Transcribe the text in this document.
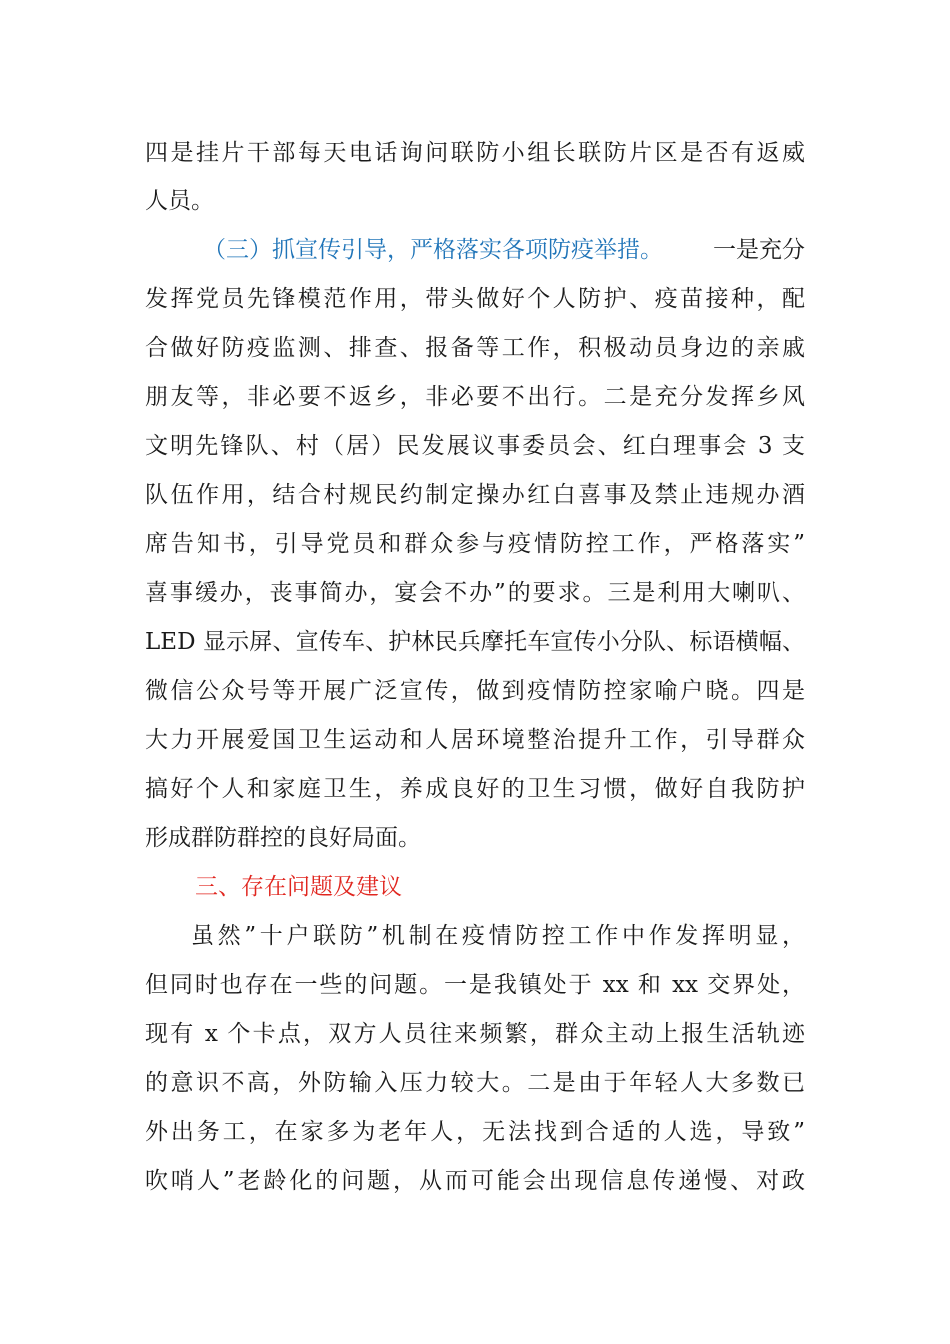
四是挂片干部每天电话询问联防小组长联防片区是否有返威
人员。
（三）抓宣传引导，严格落实各项防疫举措。 一是充分
发挥党员先锋模范作用，带头做好个人防护、疫苗接种，配
合做好防疫监测、排查、报备等工作，积极动员身边的亲戚
朋友等，非必要不返乡，非必要不出行。二是充分发挥乡风
文明先锋队、村（居）民发展议事委员会、红白理事会 3 支
队伍作用，结合村规民约制定操办红白喜事及禁止违规办酒
席告知书，引导党员和群众参与疫情防控工作，严格落实”
喜事缓办，丧事简办，宴会不办”的要求。三是利用大喇叭、
LED 显示屏、宣传车、护林民兵摩托车宣传小分队、标语横幅、
微信公众号等开展广泛宣传，做到疫情防控家喻户晓。四是
大力开展爱国卫生运动和人居环境整治提升工作，引导群众
搞好个人和家庭卫生，养成良好的卫生习惯，做好自我防护
形成群防群控的良好局面。
三、存在问题及建议
虽然”十户联防”机制在疫情防控工作中作发挥明显，
但同时也存在一些的问题。一是我镇处于 xx 和 xx 交界处，
现有 x 个卡点，双方人员往来频繁，群众主动上报生活轨迹
的意识不高，外防输入压力较大。二是由于年轻人大多数已
外出务工，在家多为老年人，无法找到合适的人选，导致”
吹哨人”老龄化的问题，从而可能会出现信息传递慢、对政
